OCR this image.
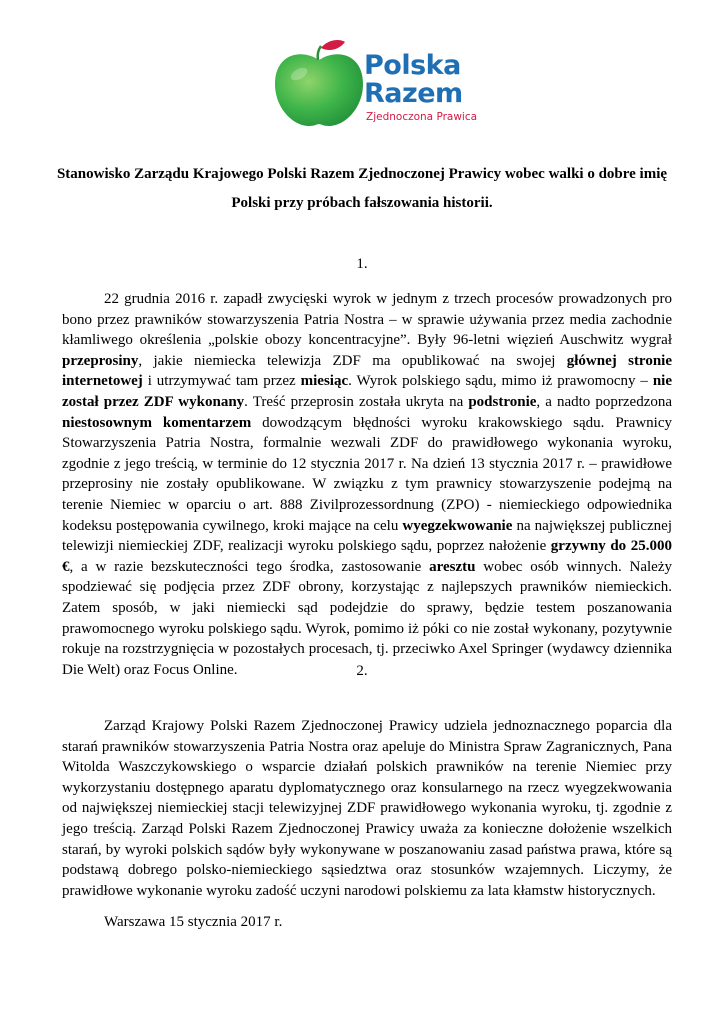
Polska
Razem
Zjednoczona Prawica
Stanowisko Zarządu Krajowego Polski Razem Zjednoczonej Prawicy wobec walki o dobre imię Polski przy próbach fałszowania historii.
1.
22 grudnia 2016 r. zapadł zwycięski wyrok w jednym z trzech procesów prowadzonych pro bono przez prawników stowarzyszenia Patria Nostra – w sprawie używania przez media zachodnie kłamliwego określenia „polskie obozy koncentracyjne”. Były 96-letni więzień Auschwitz wygrał przeprosiny, jakie niemiecka telewizja ZDF ma opublikować na swojej głównej stronie internetowej i utrzymywać tam przez miesiąc. Wyrok polskiego sądu, mimo iż prawomocny – nie został przez ZDF wykonany. Treść przeprosin została ukryta na podstronie, a nadto poprzedzona niestosownym komentarzem dowodzącym błędności wyroku krakowskiego sądu. Prawnicy Stowarzyszenia Patria Nostra, formalnie wezwali ZDF do prawidłowego wykonania wyroku, zgodnie z jego treścią, w terminie do 12 stycznia 2017 r. Na dzień 13 stycznia 2017 r. – prawidłowe przeprosiny nie zostały opublikowane. W związku z tym prawnicy stowarzyszenie podejmą na terenie Niemiec w oparciu o art. 888 Zivilprozessordnung (ZPO) - niemieckiego odpowiednika kodeksu postępowania cywilnego, kroki mające na celu wyegzekwowanie na największej publicznej telewizji niemieckiej ZDF, realizacji wyroku polskiego sądu, poprzez nałożenie grzywny do 25.000 €, a w razie bezskuteczności tego środka, zastosowanie aresztu wobec osób winnych. Należy spodziewać się podjęcia przez ZDF obrony, korzystając z najlepszych prawników niemieckich. Zatem sposób, w jaki niemiecki sąd podejdzie do sprawy, będzie testem poszanowania prawomocnego wyroku polskiego sądu. Wyrok, pomimo iż póki co nie został wykonany, pozytywnie rokuje na rozstrzygnięcia w pozostałych procesach, tj. przeciwko Axel Springer (wydawcy dziennika Die Welt) oraz Focus Online.	2.
Zarząd Krajowy Polski Razem Zjednoczonej Prawicy udziela jednoznacznego poparcia dla starań prawników stowarzyszenia Patria Nostra oraz apeluje do Ministra Spraw Zagranicznych, Pana Witolda Waszczykowskiego o wsparcie działań polskich prawników na terenie Niemiec przy wykorzystaniu dostępnego aparatu dyplomatycznego oraz konsularnego na rzecz wyegzekwowania od największej niemieckiej stacji telewizyjnej ZDF prawidłowego wykonania wyroku, tj. zgodnie z jego treścią. Zarząd Polski Razem Zjednoczonej Prawicy uważa za konieczne dołożenie wszelkich starań, by wyroki polskich sądów były wykonywane w poszanowaniu zasad państwa prawa, które są podstawą dobrego polsko-niemieckiego sąsiedztwa oraz stosunków wzajemnych. Liczymy, że prawidłowe wykonanie wyroku zadość uczyni narodowi polskiemu za lata kłamstw historycznych.
Warszawa 15 stycznia 2017 r.
